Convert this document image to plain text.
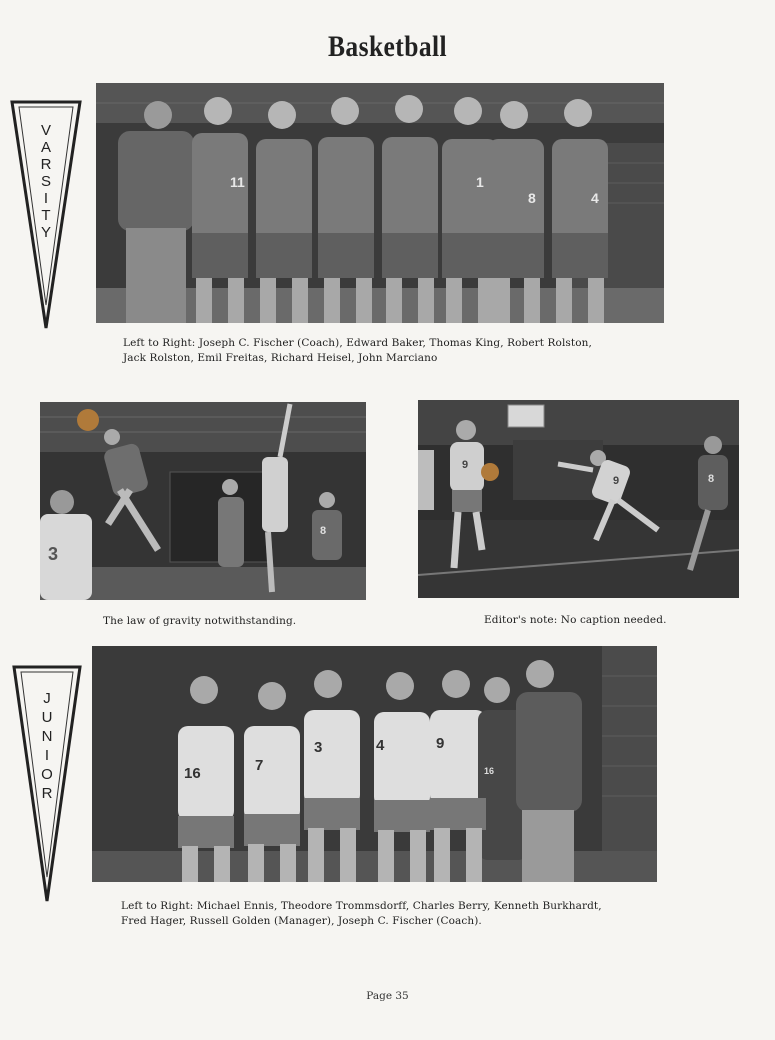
Basketball
V
A
R
S
I
T
Y
11	1
8	4
Left to Right: Joseph C. Fischer (Coach), Edward Baker, Thomas King, Robert Rolston,
Jack Rolston, Emil Freitas, Richard Heisel, John Marciano
3
8
9
9	8
The law of gravity notwithstanding.	Editor's note: No caption needed.
J
U
N
I
O
R
16	7
3	4	9
16
Left to Right: Michael Ennis, Theodore Trommsdorff, Charles Berry, Kenneth Burkhardt,
Fred Hager, Russell Golden (Manager), Joseph C. Fischer (Coach).
Page 35
